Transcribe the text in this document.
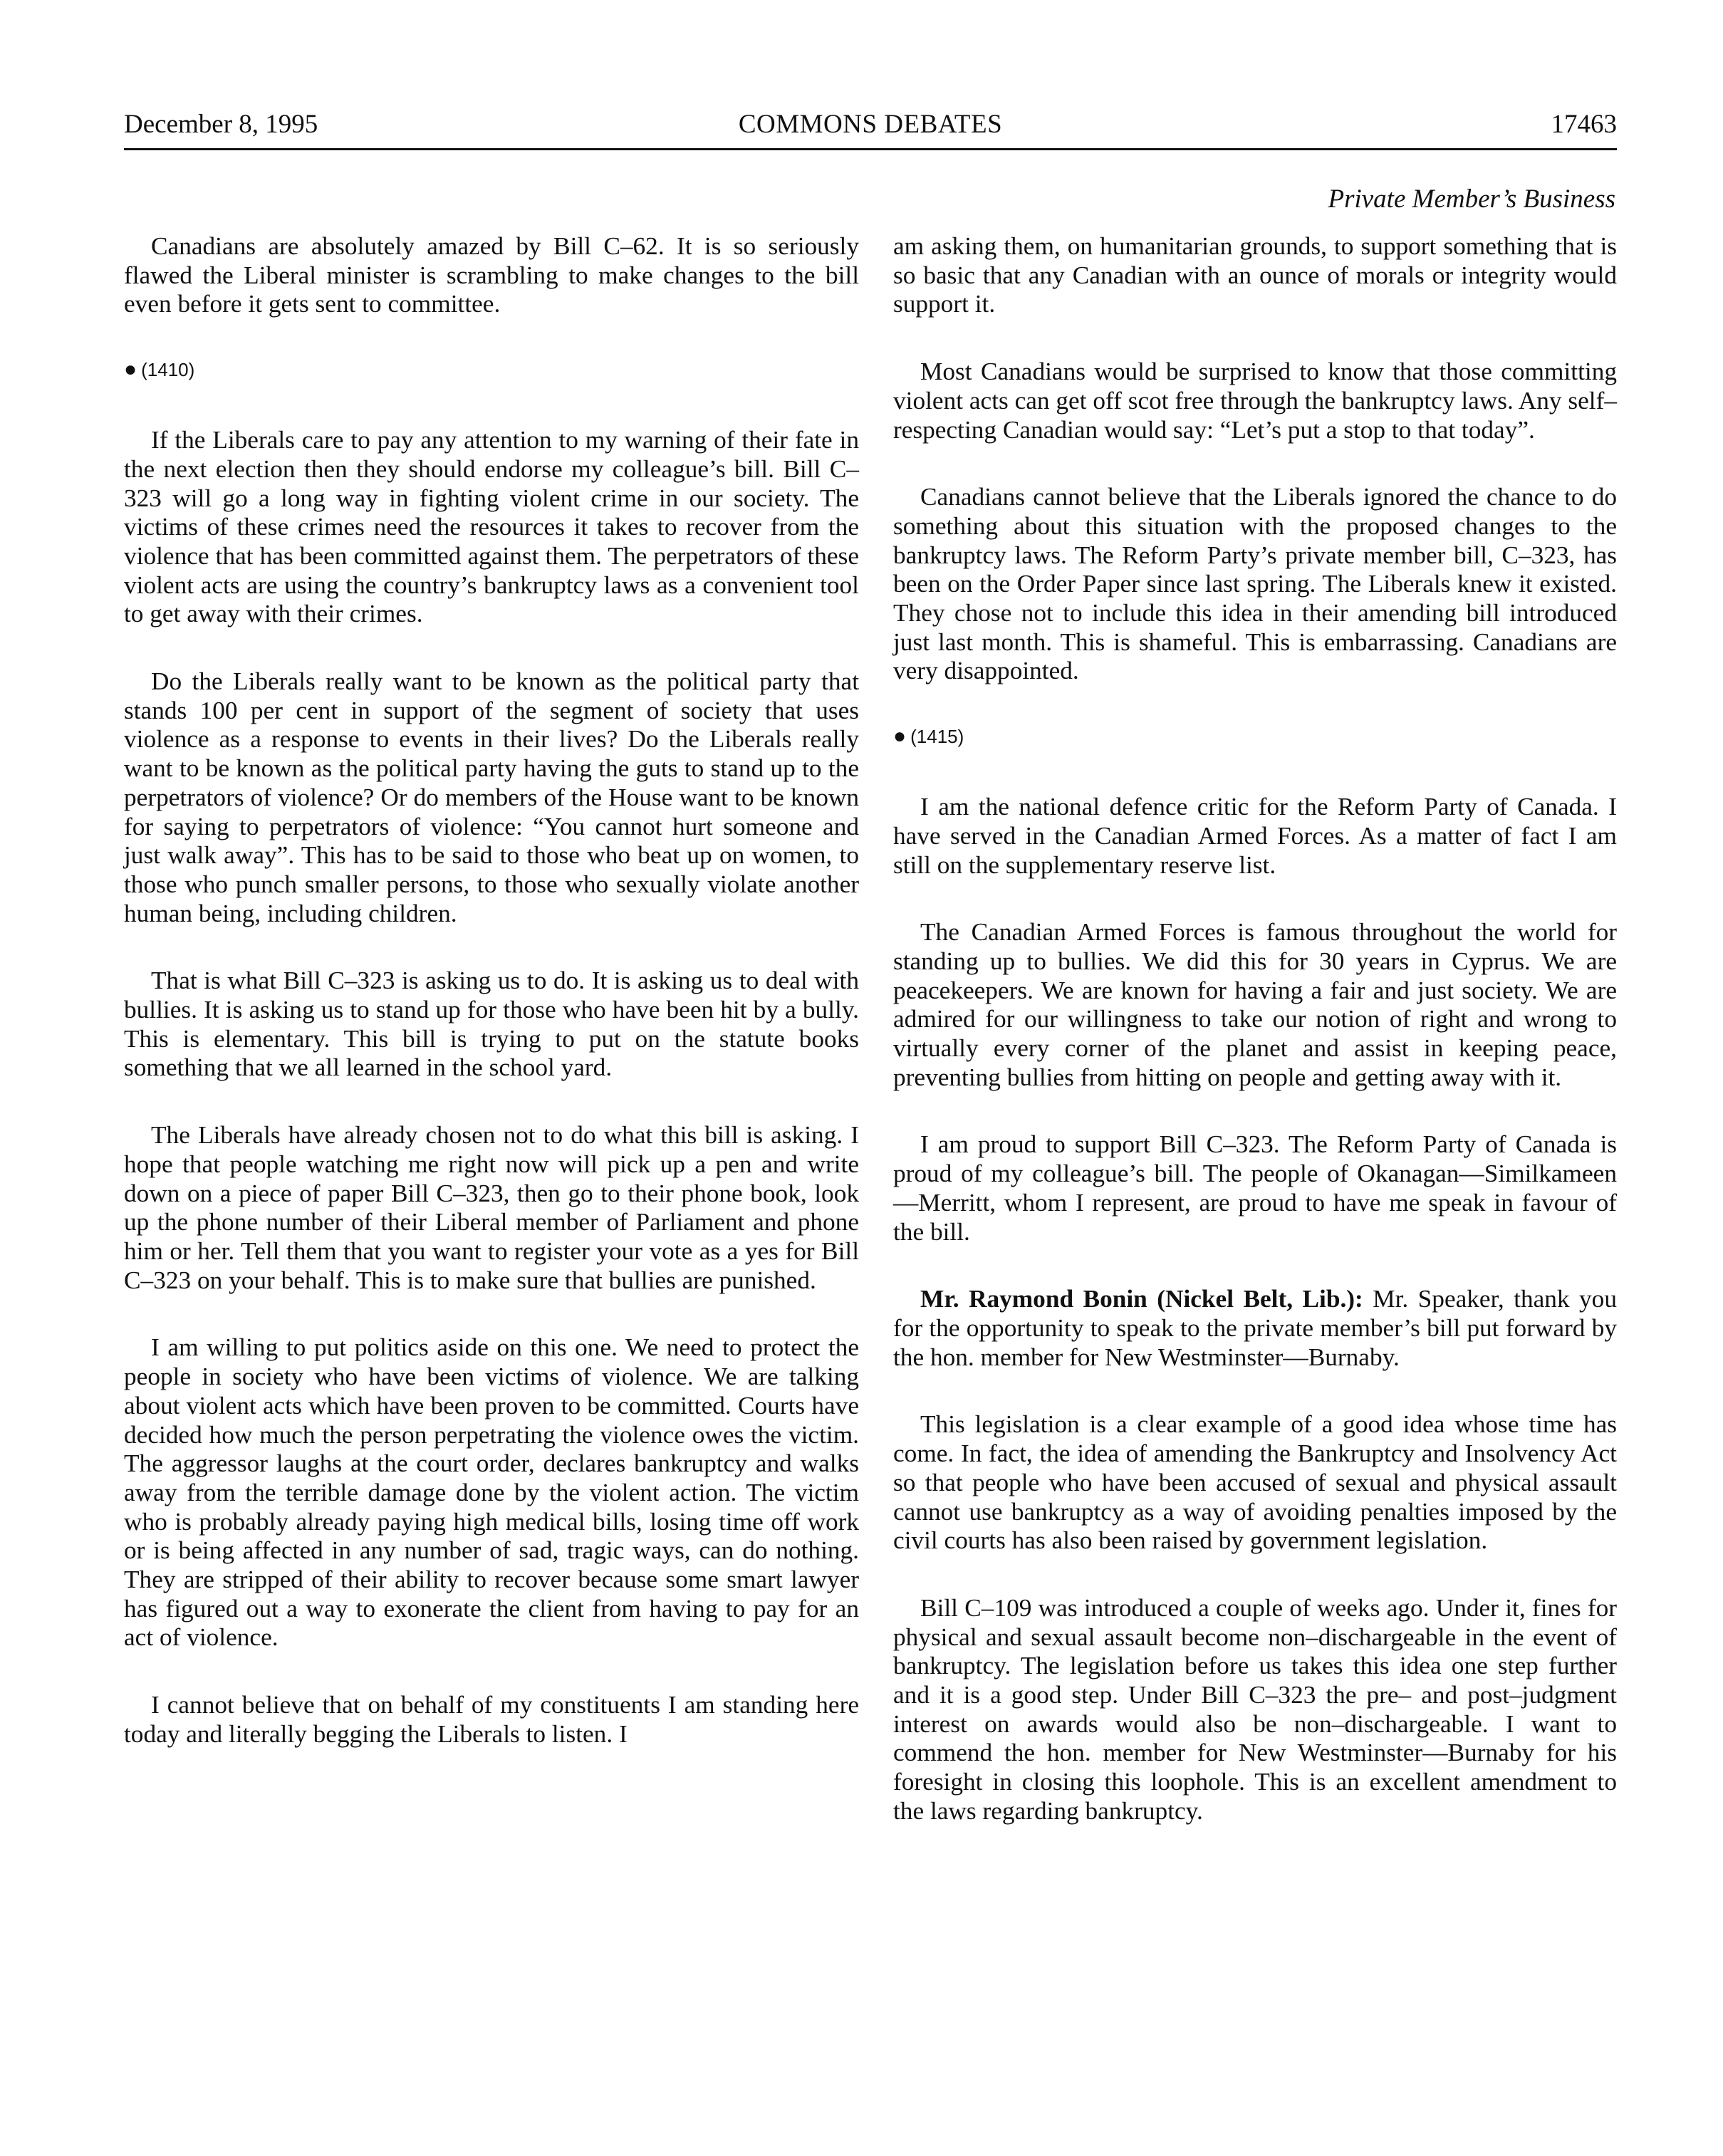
December 8, 1995	COMMONS DEBATES	17463
Private Member’s Business

Canadians are absolutely amazed by Bill C–62. It is so seriously flawed the Liberal minister is scrambling to make changes to the bill even before it gets sent to committee.

● (1410)

If the Liberals care to pay any attention to my warning of their fate in the next election then they should endorse my colleague’s bill. Bill C–323 will go a long way in fighting violent crime in our society. The victims of these crimes need the resources it takes to recover from the violence that has been committed against them. The perpetrators of these violent acts are using the country’s bankruptcy laws as a convenient tool to get away with their crimes.

Do the Liberals really want to be known as the political party that stands 100 per cent in support of the segment of society that uses violence as a response to events in their lives? Do the Liberals really want to be known as the political party having the guts to stand up to the perpetrators of violence? Or do members of the House want to be known for saying to perpetrators of violence: “You cannot hurt someone and just walk away”. This has to be said to those who beat up on women, to those who punch smaller persons, to those who sexually violate another human being, including children.

That is what Bill C–323 is asking us to do. It is asking us to deal with bullies. It is asking us to stand up for those who have been hit by a bully. This is elementary. This bill is trying to put on the statute books something that we all learned in the school yard.

The Liberals have already chosen not to do what this bill is asking. I hope that people watching me right now will pick up a pen and write down on a piece of paper Bill C–323, then go to their phone book, look up the phone number of their Liberal member of Parliament and phone him or her. Tell them that you want to register your vote as a yes for Bill C–323 on your behalf. This is to make sure that bullies are punished.

I am willing to put politics aside on this one. We need to protect the people in society who have been victims of violence. We are talking about violent acts which have been proven to be committed. Courts have decided how much the person perpetrating the violence owes the victim. The aggressor laughs at the court order, declares bankruptcy and walks away from the terrible damage done by the violent action. The victim who is probably already paying high medical bills, losing time off work or is being affected in any number of sad, tragic ways, can do nothing. They are stripped of their ability to recover because some smart lawyer has figured out a way to exonerate the client from having to pay for an act of violence.

I cannot believe that on behalf of my constituents I am standing here today and literally begging the Liberals to listen. I

am asking them, on humanitarian grounds, to support something that is so basic that any Canadian with an ounce of morals or integrity would support it.

Most Canadians would be surprised to know that those committing violent acts can get off scot free through the bankruptcy laws. Any self–respecting Canadian would say: “Let’s put a stop to that today”.

Canadians cannot believe that the Liberals ignored the chance to do something about this situation with the proposed changes to the bankruptcy laws. The Reform Party’s private member bill, C–323, has been on the Order Paper since last spring. The Liberals knew it existed. They chose not to include this idea in their amending bill introduced just last month. This is shameful. This is embarrassing. Canadians are very disappointed.

● (1415)

I am the national defence critic for the Reform Party of Canada. I have served in the Canadian Armed Forces. As a matter of fact I am still on the supplementary reserve list.

The Canadian Armed Forces is famous throughout the world for standing up to bullies. We did this for 30 years in Cyprus. We are peacekeepers. We are known for having a fair and just society. We are admired for our willingness to take our notion of right and wrong to virtually every corner of the planet and assist in keeping peace, preventing bullies from hitting on people and getting away with it.

I am proud to support Bill C–323. The Reform Party of Canada is proud of my colleague’s bill. The people of Okanagan—Similkameen—Merritt, whom I represent, are proud to have me speak in favour of the bill.

Mr. Raymond Bonin (Nickel Belt, Lib.): Mr. Speaker, thank you for the opportunity to speak to the private member’s bill put forward by the hon. member for New Westminster—Burnaby.

This legislation is a clear example of a good idea whose time has come. In fact, the idea of amending the Bankruptcy and Insolvency Act so that people who have been accused of sexual and physical assault cannot use bankruptcy as a way of avoiding penalties imposed by the civil courts has also been raised by government legislation.

Bill C–109 was introduced a couple of weeks ago. Under it, fines for physical and sexual assault become non–dischargeable in the event of bankruptcy. The legislation before us takes this idea one step further and it is a good step. Under Bill C–323 the pre– and post–judgment interest on awards would also be non–dischargeable. I want to commend the hon. member for New Westminster—Burnaby for his foresight in closing this loophole. This is an excellent amendment to the laws regarding bankruptcy.
